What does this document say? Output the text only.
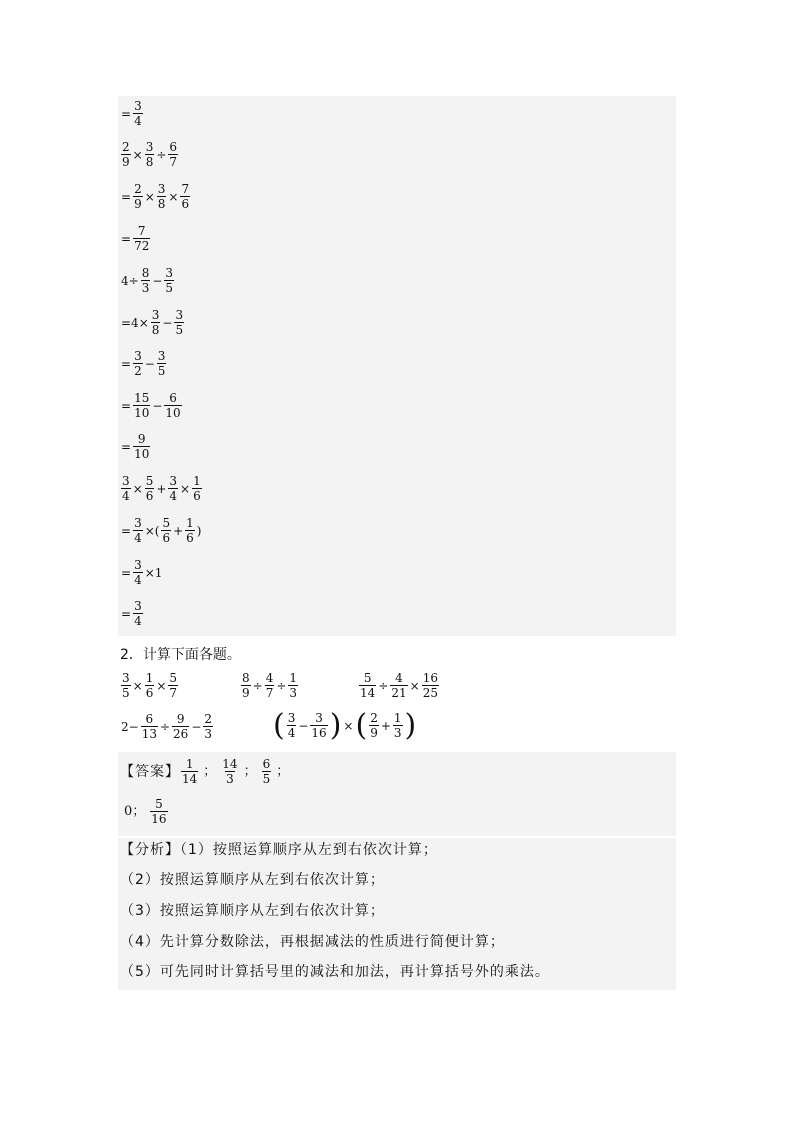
= $\frac{3}{4}$
$\frac{2}{9} \times \frac{3}{8} \div \frac{6}{7}$
= $\frac{2}{9} \times \frac{3}{8} \times \frac{7}{6}$
= $\frac{7}{72}$
$4\div \frac{8}{3} - \frac{3}{5}$
$=4\times \frac{3}{8} - \frac{3}{5}$
= $\frac{3}{2} - \frac{3}{5}$
= $\frac{15}{10} - \frac{6}{10}$
= $\frac{9}{10}$
$\frac{3}{4} \times \frac{5}{6} + \frac{3}{4} \times \frac{1}{6}$
= $\frac{3}{4}$ ×( $\frac{5}{6} + \frac{1}{6}$ )
= $\frac{3}{4} \times 1$
= $\frac{3}{4}$
2．计算下面各题。
$\frac{3}{5} \times \frac{1}{6} \times \frac{5}{7}$	$\frac{8}{9} \div \frac{4}{7} \div \frac{1}{3}$	$\frac{5}{14} \div \frac{4}{21} \times \frac{16}{25}$
$2- \frac{6}{13} \div \frac{9}{26} - \frac{2}{3}$ ( $\frac{3}{4} - \frac{3}{16}$ ) × ( $\frac{2}{9} + \frac{1}{3}$ )
【答案】 $\frac{1}{14}$ ； $\frac{14}{3}$ ； $\frac{6}{5}$ ；
0； $\frac{5}{16}$
【分析】（1）按照运算顺序从左到右依次计算；
（2）按照运算顺序从左到右依次计算；
（3）按照运算顺序从左到右依次计算；
（4）先计算分数除法，再根据减法的性质进行简便计算；
（5）可先同时计算括号里的减法和加法，再计算括号外的乘法。
